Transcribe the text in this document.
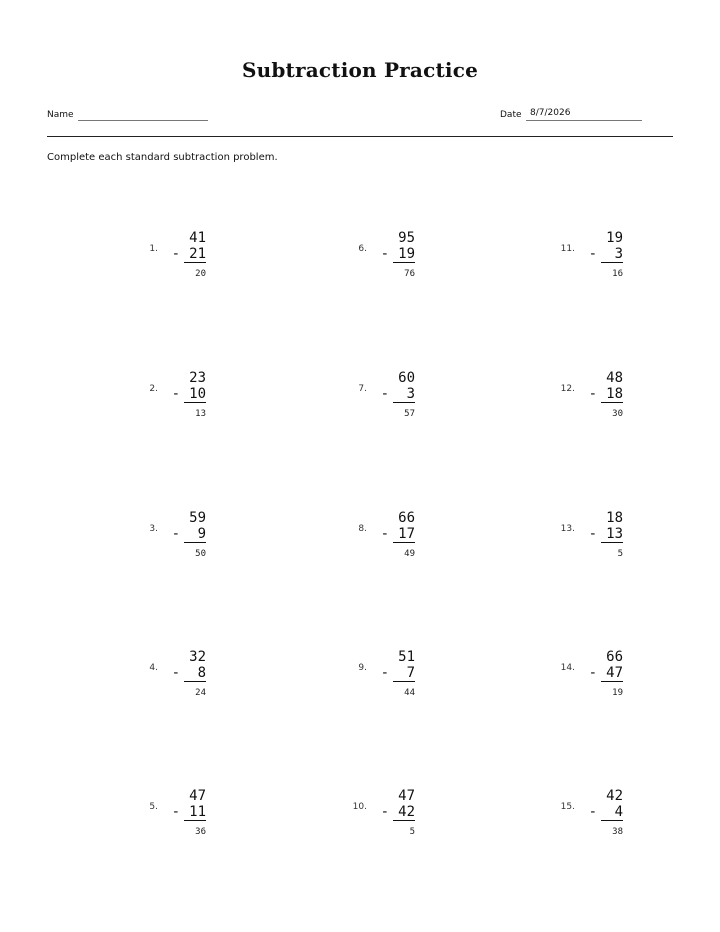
Subtraction Practice
Name	Date 8/7/2026
Complete each standard subtraction problem.
1.
41
- 21
20
2.
23
- 10
13
3.
59
-	9
50
4.
32
-	8
24
5.
47
- 11
36
6.
95
- 19
76
7.
60
-	3
57
8.
66
- 17
49
9.
51
-	7
44
10.
47
- 42
5
11.
19
-	3
16
12.
48
- 18
30
13.
18
- 13
5
14.
66
- 47
19
15.
42
-	4
38
